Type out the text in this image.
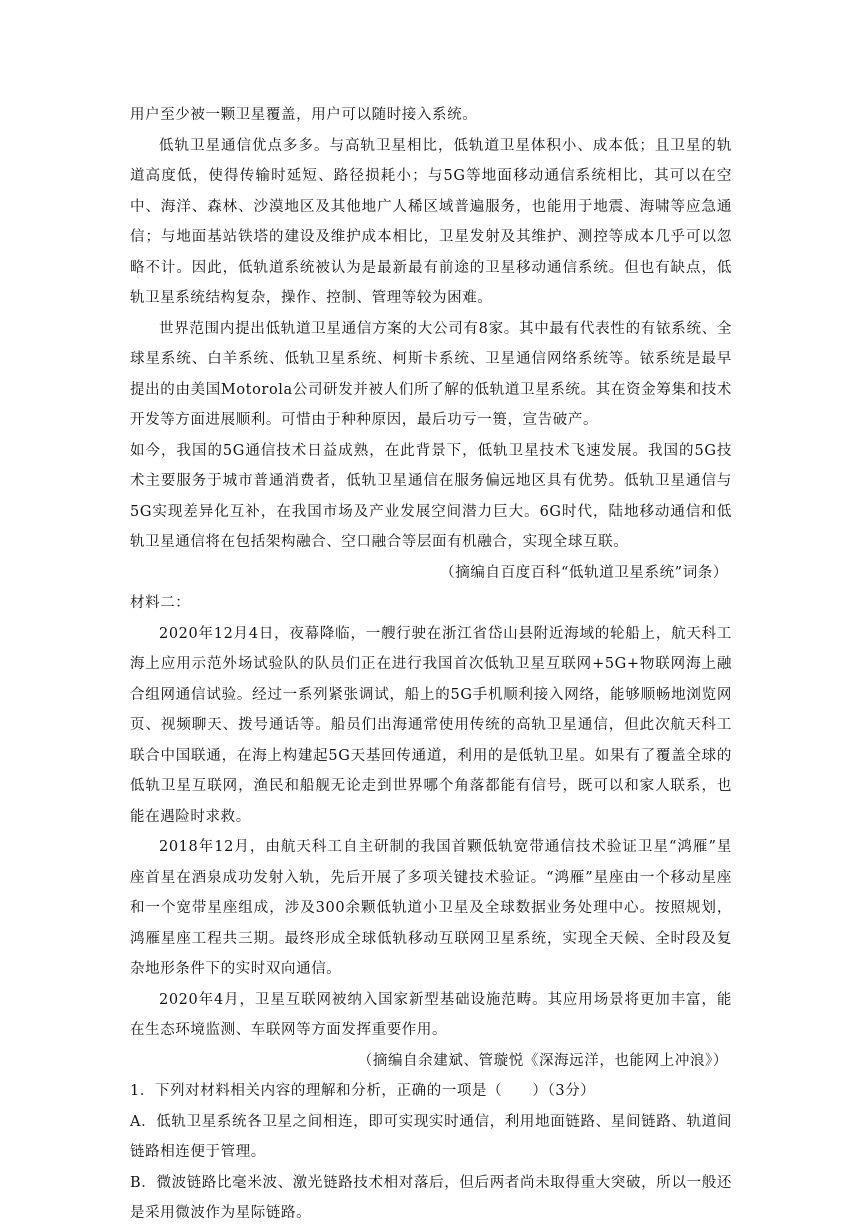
用户至少被一颗卫星覆盖，用户可以随时接入系统。

低轨卫星通信优点多多。与高轨卫星相比，低轨道卫星体积小、成本低；且卫星的轨道高度低，使得传输时延短、路径损耗小；与5G等地面移动通信系统相比，其可以在空中、海洋、森林、沙漠地区及其他地广人稀区域普遍服务，也能用于地震、海啸等应急通信；与地面基站铁塔的建设及维护成本相比，卫星发射及其维护、测控等成本几乎可以忽略不计。因此，低轨道系统被认为是最新最有前途的卫星移动通信系统。但也有缺点，低轨卫星系统结构复杂，操作、控制、管理等较为困难。

世界范围内提出低轨道卫星通信方案的大公司有8家。其中最有代表性的有铱系统、全球星系统、白羊系统、低轨卫星系统、柯斯卡系统、卫星通信网络系统等。铱系统是最早提出的由美国Motorola公司研发并被人们所了解的低轨道卫星系统。其在资金筹集和技术开发等方面进展顺利。可惜由于种种原因，最后功亏一篑，宣告破产。

如今，我国的5G通信技术日益成熟，在此背景下，低轨卫星技术飞速发展。我国的5G技术主要服务于城市普通消费者，低轨卫星通信在服务偏远地区具有优势。低轨卫星通信与5G实现差异化互补，在我国市场及产业发展空间潜力巨大。6G时代，陆地移动通信和低轨卫星通信将在包括架构融合、空口融合等层面有机融合，实现全球互联。

（摘编自百度百科“低轨道卫星系统”词条）

材料二：

2020年12月4日，夜幕降临，一艘行驶在浙江省岱山县附近海域的轮船上，航天科工海上应用示范外场试验队的队员们正在进行我国首次低轨卫星互联网+5G+物联网海上融合组网通信试验。经过一系列紧张调试，船上的5G手机顺利接入网络，能够顺畅地浏览网页、视频聊天、拨号通话等。船员们出海通常使用传统的高轨卫星通信，但此次航天科工联合中国联通，在海上构建起5G天基回传通道，利用的是低轨卫星。如果有了覆盖全球的低轨卫星互联网，渔民和船舰无论走到世界哪个角落都能有信号，既可以和家人联系，也能在遇险时求救。

2018年12月，由航天科工自主研制的我国首颗低轨宽带通信技术验证卫星“鸿雁”星座首星在酒泉成功发射入轨，先后开展了多项关键技术验证。“鸿雁”星座由一个移动星座和一个宽带星座组成，涉及300余颗低轨道小卫星及全球数据业务处理中心。按照规划，鸿雁星座工程共三期。最终形成全球低轨移动互联网卫星系统，实现全天候、全时段及复杂地形条件下的实时双向通信。

2020年4月，卫星互联网被纳入国家新型基础设施范畴。其应用场景将更加丰富，能在生态环境监测、车联网等方面发挥重要作用。

（摘编自余建斌、管璇悦《深海远洋，也能网上冲浪》）

1．下列对材料相关内容的理解和分析，正确的一项是（　　）（3分）

A．低轨卫星系统各卫星之间相连，即可实现实时通信，利用地面链路、星间链路、轨道间链路相连便于管理。

B．微波链路比毫米波、激光链路技术相对落后，但后两者尚未取得重大突破，所以一般还是采用微波作为星际链路。
